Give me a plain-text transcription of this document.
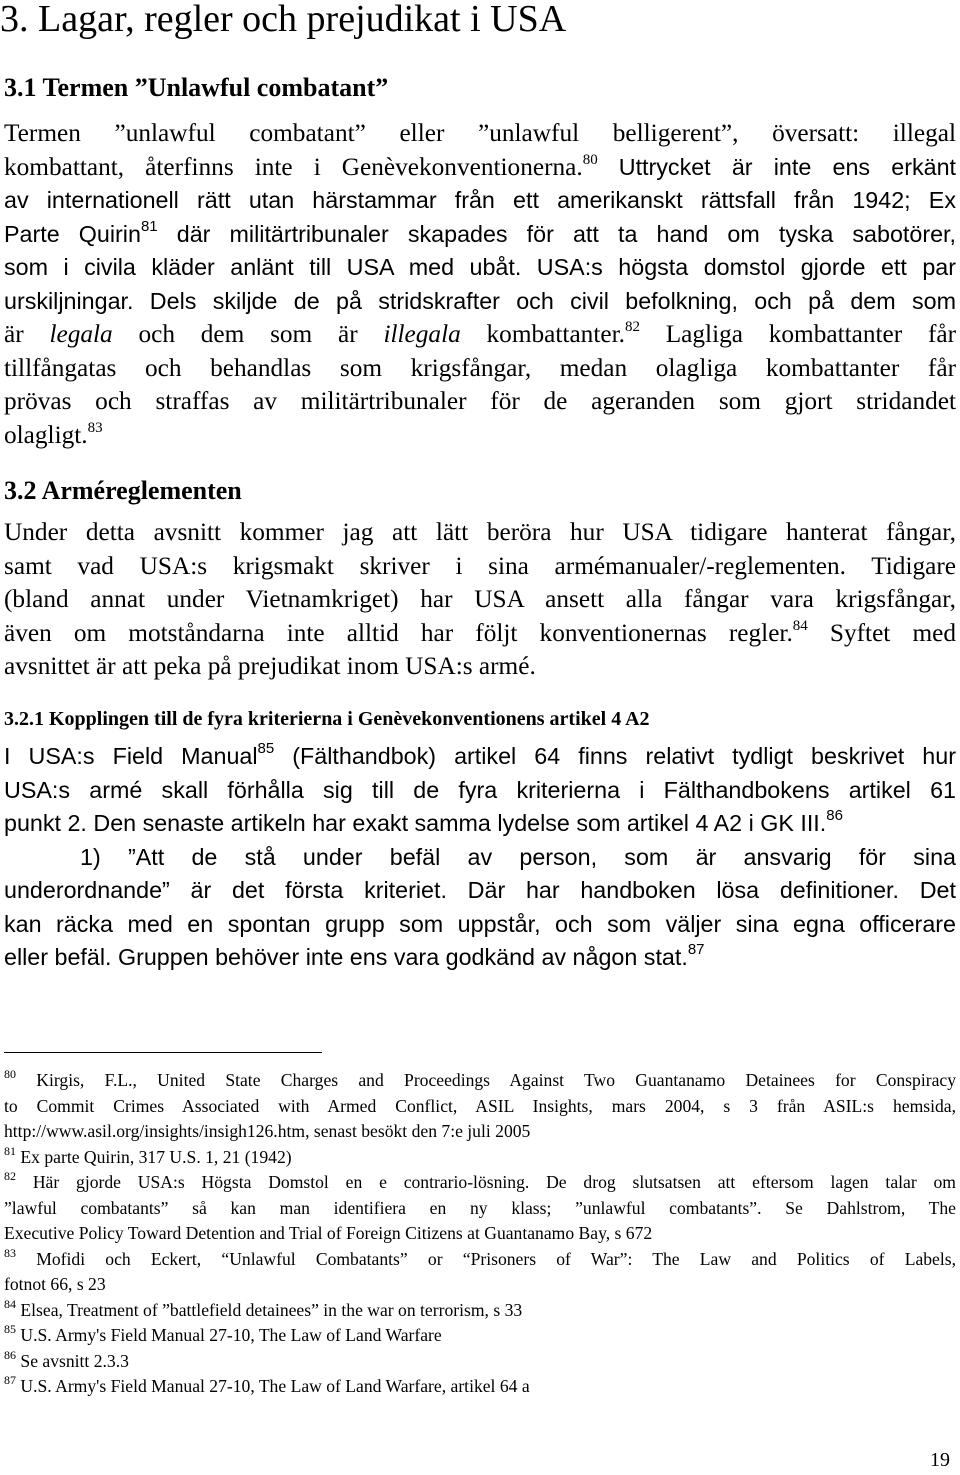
3. Lagar, regler och prejudikat i USA
3.1 Termen ”Unlawful combatant”
Termen ”unlawful combatant” eller ”unlawful belligerent”, översatt: illegal
kombattant, återfinns inte i Genèvekonventionerna.$^{80}$ Uttrycket är inte ens erkänt
av internationell rätt utan härstammar från ett amerikanskt rättsfall från 1942; Ex
Parte Quirin$^{81}$ där militärtribunaler skapades för att ta hand om tyska sabotörer,
som i civila kläder anlänt till USA med ubåt. USA:s högsta domstol gjorde ett par
urskiljningar. Dels skiljde de på stridskrafter och civil befolkning, och på dem som
är legala och dem som är illegala kombattanter.$^{82}$ Lagliga kombattanter får
tillfångatas och behandlas som krigsfångar, medan olagliga kombattanter får
prövas och straffas av militärtribunaler för de ageranden som gjort stridandet
olagligt.$^{83}$
3.2 Arméreglementen
Under detta avsnitt kommer jag att lätt beröra hur USA tidigare hanterat fångar,
samt vad USA:s krigsmakt skriver i sina armémanualer/-reglementen. Tidigare
(bland annat under Vietnamkriget) har USA ansett alla fångar vara krigsfångar,
även om motståndarna inte alltid har följt konventionernas regler.$^{84}$ Syftet med
avsnittet är att peka på prejudikat inom USA:s armé.
3.2.1 Kopplingen till de fyra kriterierna i Genèvekonventionens artikel 4 A2
I USA:s Field Manual$^{85}$ (Fälthandbok) artikel 64 finns relativt tydligt beskrivet hur
USA:s armé skall förhålla sig till de fyra kriterierna i Fälthandbokens artikel 61
punkt 2. Den senaste artikeln har exakt samma lydelse som artikel 4 A2 i GK III.$^{86}$
1) ”Att de stå under befäl av person, som är ansvarig för sina
underordnande” är det första kriteriet. Där har handboken lösa definitioner. Det
kan räcka med en spontan grupp som uppstår, och som väljer sina egna officerare
eller befäl. Gruppen behöver inte ens vara godkänd av någon stat.$^{87}$
$^{80}$ Kirgis, F.L., United State Charges and Proceedings Against Two Guantanamo Detainees for Conspiracy
to Commit Crimes Associated with Armed Conflict, ASIL Insights, mars 2004, s 3 från ASIL:s hemsida,
http://www.asil.org/insights/insigh126.htm, senast besökt den 7:e juli 2005
$^{81}$ Ex parte Quirin, 317 U.S. 1, 21 (1942)
$^{82}$ Här gjorde USA:s Högsta Domstol en e contrario-lösning. De drog slutsatsen att eftersom lagen talar om
”lawful combatants” så kan man identifiera en ny klass; ”unlawful combatants”. Se Dahlstrom, The
Executive Policy Toward Detention and Trial of Foreign Citizens at Guantanamo Bay, s 672
$^{83}$ Mofidi och Eckert, “Unlawful Combatants” or “Prisoners of War”: The Law and Politics of Labels,
fotnot 66, s 23
$^{84}$ Elsea, Treatment of ”battlefield detainees” in the war on terrorism, s 33
$^{85}$ U.S. Army's Field Manual 27-10, The Law of Land Warfare
$^{86}$ Se avsnitt 2.3.3
$^{87}$ U.S. Army's Field Manual 27-10, The Law of Land Warfare, artikel 64 a
19
